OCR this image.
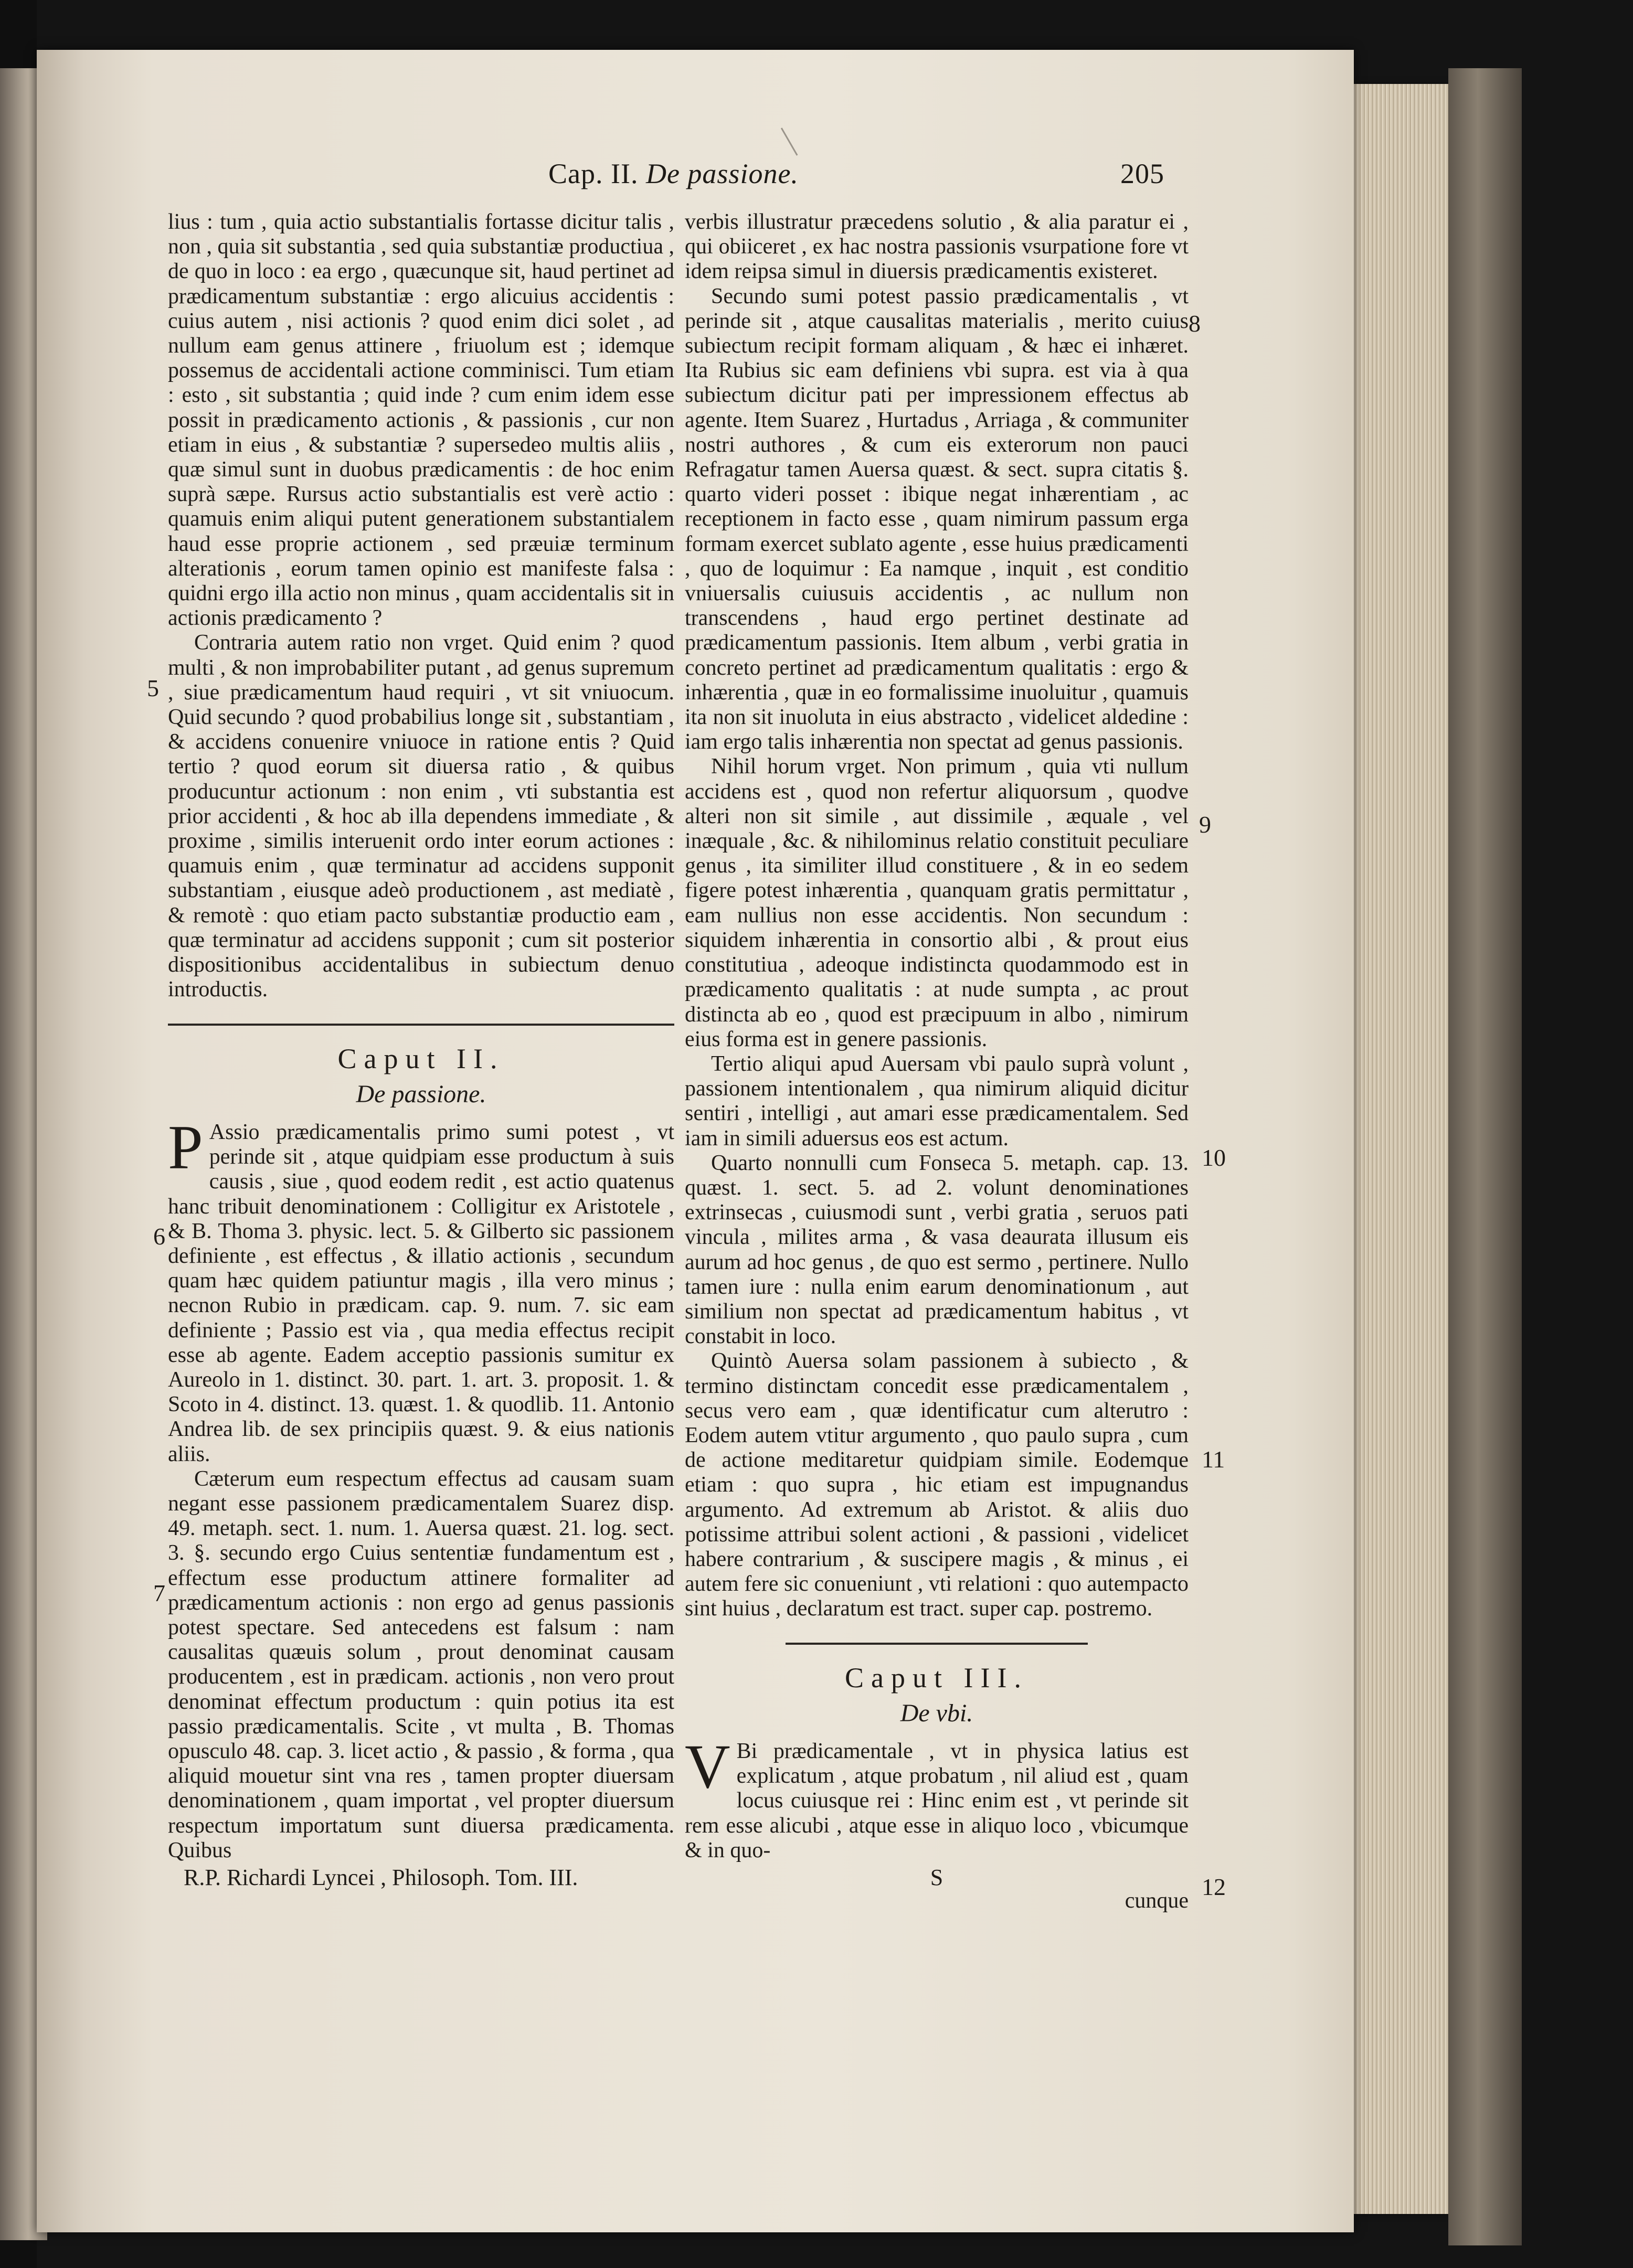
Cap. II. De passione.	205

lius : tum , quia actio substantialis fortasse dicitur talis , non , quia sit substantia , sed quia substantiæ productiua , de quo in loco : ea ergo , quæcunque sit, haud pertinet ad prædicamentum substantiæ : ergo alicuius accidentis : cuius autem , nisi actionis ? quod enim dici solet , ad nullum eam genus attinere , friuolum est ; idemque possemus de accidentali actione comminisci. Tum etiam : esto , sit substantia ; quid inde ? cum enim idem esse possit in prædicamento actionis , & passionis , cur non etiam in eius , & substantiæ ? supersedeo multis aliis , quæ simul sunt in duobus prædicamentis : de hoc enim suprà sæpe. Rursus actio substantialis est verè actio : quamuis enim aliqui putent generationem substantialem haud esse proprie actionem , sed præuiæ terminum alterationis , eorum tamen opinio est manifeste falsa : quidni ergo illa actio non minus , quam accidentalis sit in actionis prædicamento ?

Contraria autem ratio non vrget. Quid enim ? quod multi , & non improbabiliter putant , ad genus supremum , siue prædicamentum haud requiri , vt sit vniuocum. Quid secundo ? quod probabilius longe sit , substantiam , & accidens conuenire vniuoce in ratione entis ? Quid tertio ? quod eorum sit diuersa ratio , & quibus producuntur actionum : non enim , vti substantia est prior accidenti , & hoc ab illa dependens immediate , & proxime , similis interuenit ordo inter eorum actiones : quamuis enim , quæ terminatur ad accidens supponit substantiam , eiusque adeò productionem , ast mediatè , & remotè : quo etiam pacto substantiæ productio eam , quæ terminatur ad accidens supponit ; cum sit posterior dispositionibus accidentalibus in subiectum denuo introductis.

Caput II.
De passione.

P Assio prædicamentalis primo sumi potest , vt perinde sit , atque quidpiam esse productum à suis causis , siue , quod eodem redit , est actio quatenus hanc tribuit denominationem : Colligitur ex Aristotele , & B. Thoma 3. physic. lect. 5. & Gilberto sic passionem definiente , est effectus , & illatio actionis , secundum quam hæc quidem patiuntur magis , illa vero minus ; necnon Rubio in prædicam. cap. 9. num. 7. sic eam definiente ; Passio est via , qua media effectus recipit esse ab agente. Eadem acceptio passionis sumitur ex Aureolo in 1. distinct. 30. part. 1. art. 3. proposit. 1. & Scoto in 4. distinct. 13. quæst. 1. & quodlib. 11. Antonio Andrea lib. de sex principiis quæst. 9. & eius nationis aliis.

Cæterum eum respectum effectus ad causam suam negant esse passionem prædicamentalem Suarez disp. 49. metaph. sect. 1. num. 1. Auersa quæst. 21. log. sect. 3. §. secundo ergo Cuius sententiæ fundamentum est , effectum esse productum attinere formaliter ad prædicamentum actionis : non ergo ad genus passionis potest spectare. Sed antecedens est falsum : nam causalitas quæuis solum , prout denominat causam producentem , est in prædicam. actionis , non vero prout denominat effectum productum : quin potius ita est passio prædicamentalis. Scite , vt multa , B. Thomas opusculo 48. cap. 3. licet actio , & passio , & forma , qua aliquid mouetur sint vna res , tamen propter diuersam denominationem , quam importat , vel propter diuersum respectum importatum sunt diuersa prædicamenta. Quibus

R.P. Richardi Lyncei , Philosoph. Tom. III.

verbis illustratur præcedens solutio , & alia paratur ei , qui obiiceret , ex hac nostra passionis vsurpatione fore vt idem reipsa simul in diuersis prædicamentis existeret.

Secundo sumi potest passio prædicamentalis , vt perinde sit , atque causalitas materialis , merito cuius subiectum recipit formam aliquam , & hæc ei inhæret. Ita Rubius sic eam definiens vbi supra. est via à qua subiectum dicitur pati per impressionem effectus ab agente. Item Suarez , Hurtadus , Arriaga , & communiter nostri authores , & cum eis exterorum non pauci Refragatur tamen Auersa quæst. & sect. supra citatis §. quarto videri posset : ibique negat inhærentiam , ac receptionem in facto esse , quam nimirum passum erga formam exercet sublato agente , esse huius prædicamenti , quo de loquimur : Ea namque , inquit , est conditio vniuersalis cuiusuis accidentis , ac nullum non transcendens , haud ergo pertinet destinate ad prædicamentum passionis. Item album , verbi gratia in concreto pertinet ad prædicamentum qualitatis : ergo & inhærentia , quæ in eo formalissime inuoluitur , quamuis ita non sit inuoluta in eius abstracto , videlicet aldedine : iam ergo talis inhærentia non spectat ad genus passionis.

Nihil horum vrget. Non primum , quia vti nullum accidens est , quod non refertur aliquorsum , quodve alteri non sit simile , aut dissimile , æquale , vel inæquale , &c. & nihilominus relatio constituit peculiare genus , ita similiter illud constituere , & in eo sedem figere potest inhærentia , quanquam gratis permittatur , eam nullius non esse accidentis. Non secundum : siquidem inhærentia in consortio albi , & prout eius constitutiua , adeoque indistincta quodammodo est in prædicamento qualitatis : at nude sumpta , ac prout distincta ab eo , quod est præcipuum in albo , nimirum eius forma est in genere passionis.

Tertio aliqui apud Auersam vbi paulo suprà volunt , passionem intentionalem , qua nimirum aliquid dicitur sentiri , intelligi , aut amari esse prædicamentalem. Sed iam in simili aduersus eos est actum.

Quarto nonnulli cum Fonseca 5. metaph. cap. 13. quæst. 1. sect. 5. ad 2. volunt denominationes extrinsecas , cuiusmodi sunt , verbi gratia , seruos pati vincula , milites arma , & vasa deaurata illusum eis aurum ad hoc genus , de quo est sermo , pertinere. Nullo tamen iure : nulla enim earum denominationum , aut similium non spectat ad prædicamentum habitus , vt constabit in loco.

Quintò Auersa solam passionem à subiecto , & termino distinctam concedit esse prædicamentalem , secus vero eam , quæ identificatur cum alterutro : Eodem autem vtitur argumento , quo paulo supra , cum de actione meditaretur quidpiam simile. Eodemque etiam : quo supra , hic etiam est impugnandus argumento. Ad extremum ab Aristot. & aliis duo potissime attribui solent actioni , & passioni , videlicet habere contrarium , & suscipere magis , & minus , ei autem fere sic conueniunt , vti relationi : quo autempacto sint huius , declaratum est tract. super cap. postremo.

Caput III.
De vbi.

V Bi prædicamentale , vt in physica latius est explicatum , atque probatum , nil aliud est , quam locus cuiusque rei : Hinc enim est , vt perinde sit rem esse alicubi , atque esse in aliquo loco , vbicumque & in quo-

S
cunque
5
6
7
8
9
10
11
12
